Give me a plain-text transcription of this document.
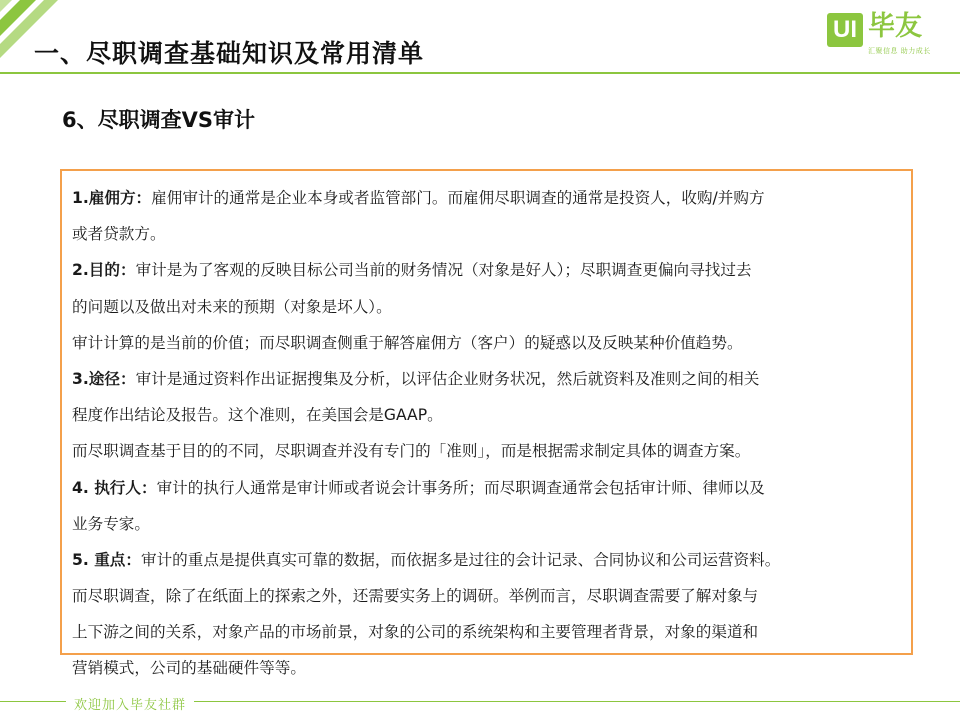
一、尽职调查基础知识及常用清单
UI 毕友
汇聚信息 助力成长
6、尽职调查VS审计
1.雇佣方：雇佣审计的通常是企业本身或者监管部门。而雇佣尽职调查的通常是投资人，收购/并购方
或者贷款方。
2.目的：审计是为了客观的反映目标公司当前的财务情况（对象是好人）；尽职调查更偏向寻找过去
的问题以及做出对未来的预期（对象是坏人）。
审计计算的是当前的价值；而尽职调查侧重于解答雇佣方（客户）的疑惑以及反映某种价值趋势。
3.途径：审计是通过资料作出证据搜集及分析，以评估企业财务状况，然后就资料及准则之间的相关
程度作出结论及报告。这个准则，在美国会是GAAP。
而尽职调查基于目的的不同，尽职调查并没有专门的「准则」，而是根据需求制定具体的调查方案。
4. 执行人：审计的执行人通常是审计师或者说会计事务所；而尽职调查通常会包括审计师、律师以及
业务专家。
5. 重点：审计的重点是提供真实可靠的数据，而依据多是过往的会计记录、合同协议和公司运营资料。
而尽职调查，除了在纸面上的探索之外，还需要实务上的调研。举例而言，尽职调查需要了解对象与
上下游之间的关系，对象产品的市场前景，对象的公司的系统架构和主要管理者背景，对象的渠道和
营销模式，公司的基础硬件等等。
欢迎加入毕友社群
